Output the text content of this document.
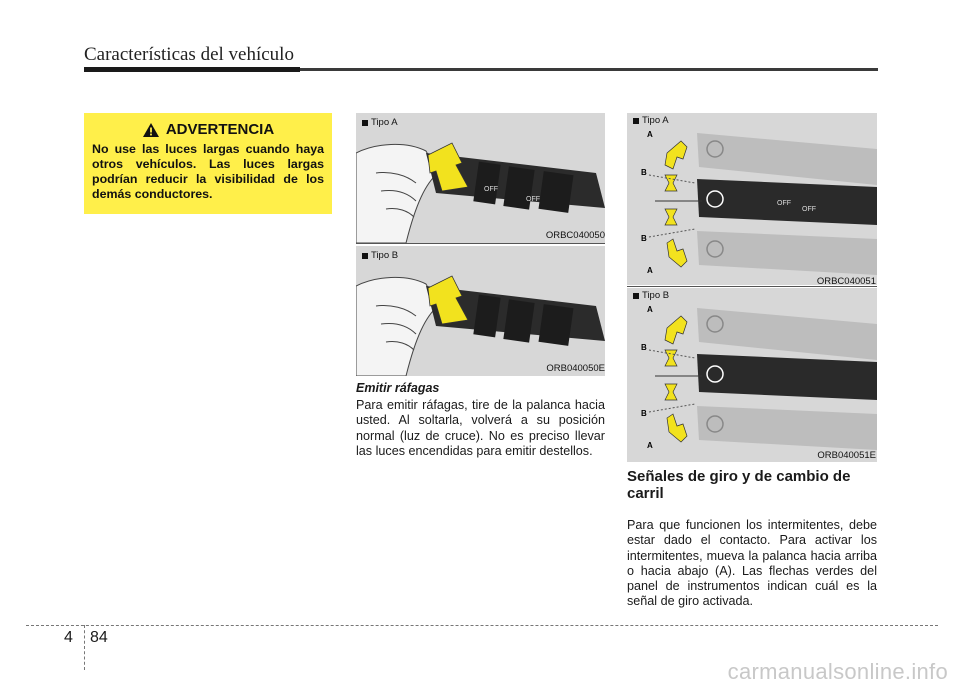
Características del vehículo
ADVERTENCIA
No use las luces largas cuando haya otros vehículos. Las luces largas podrían reducir la visibilidad de los demás conductores.	OFF
OFF
Tipo A
ORBC040050
Tipo B
ORB040050E
OFF
OFF
A
B
B
A
Tipo A
ORBC040051
A
B
B
A
Tipo B
ORB040051E
Emitir ráfagas
Para emitir ráfagas, tire de la palanca hacia usted. Al soltarla, volverá a su posición normal (luz de cruce). No es preciso llevar las luces encendidas para emitir destellos.
Señales de giro y de cambio de
carril
Para que funcionen los intermitentes, debe estar dado el contacto. Para activar los intermitentes, mueva la palanca hacia arriba o hacia abajo (A). Las flechas verdes del panel de instrumentos indican cuál es la señal de giro activada.
4 84
carmanualsonline.info
